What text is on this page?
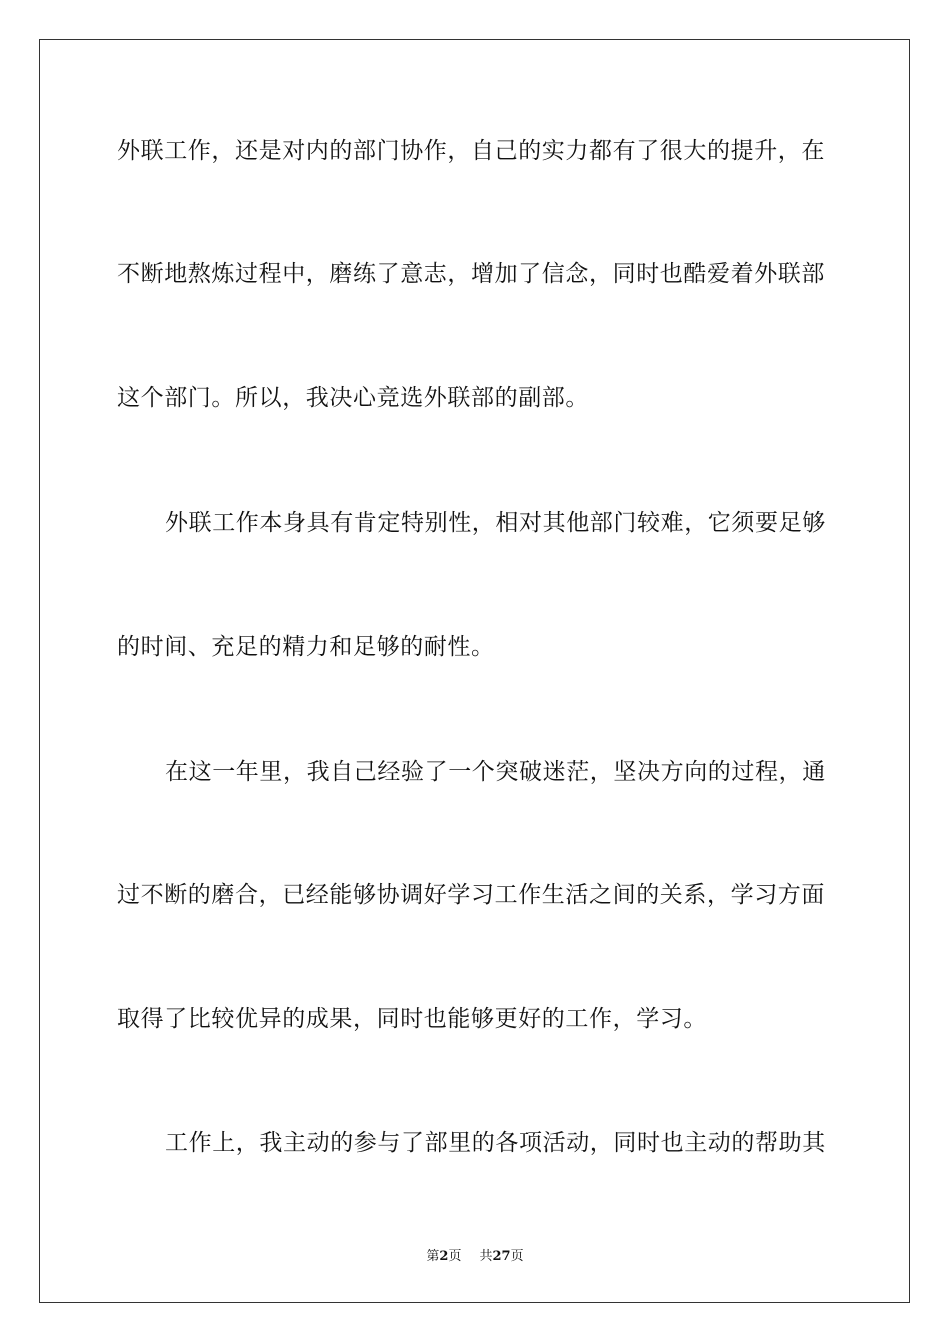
外联工作，还是对内的部门协作，自己的实力都有了很大的提升，在
不断地熬炼过程中，磨练了意志，增加了信念，同时也酷爱着外联部
这个部门。所以，我决心竞选外联部的副部。
外联工作本身具有肯定特别性，相对其他部门较难，它须要足够
的时间、充足的精力和足够的耐性。
在这一年里，我自己经验了一个突破迷茫，坚决方向的过程，通
过不断的磨合，已经能够协调好学习工作生活之间的关系，学习方面
取得了比较优异的成果，同时也能够更好的工作，学习。
工作上，我主动的参与了部里的各项活动，同时也主动的帮助其
第2页 共27页
